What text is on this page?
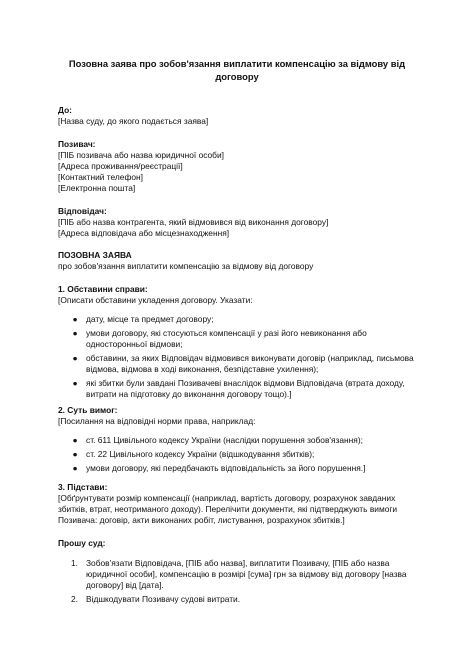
Позовна заява про зобов'язання виплатити компенсацію за відмову від договору
До:
[Назва суду, до якого подається заява]
Позивач:
[ПІБ позивача або назва юридичної особи]
[Адреса проживання/реєстрації]
[Контактний телефон]
[Електронна пошта]
Відповідач:
[ПІБ або назва контрагента, який відмовився від виконання договору]
[Адреса відповідача або місцезнаходження]
ПОЗОВНА ЗАЯВА
про зобов'язання виплатити компенсацію за відмову від договору
1. Обставини справи:
[Описати обставини укладення договору. Указати:
● дату, місце та предмет договору;
● умови договору, які стосуються компенсації у разі його невиконання або односторонньої відмови;
● обставини, за яких Відповідач відмовився виконувати договір (наприклад, письмова відмова, відмова в ході виконання, безпідставне ухилення);
● які збитки були завдані Позивачеві внаслідок відмови Відповідача (втрата доходу, витрати на підготовку до виконання договору тощо).]
2. Суть вимог:
[Посилання на відповідні норми права, наприклад:
● ст. 611 Цивільного кодексу України (наслідки порушення зобов'язання);
● ст. 22 Цивільного кодексу України (відшкодування збитків);
● умови договору, які передбачають відповідальність за його порушення.]
3. Підстави:
[Обґрунтувати розмір компенсації (наприклад, вартість договору, розрахунок завданих збитків, втрат, неотриманого доходу). Перелічити документи, які підтверджують вимоги Позивача: договір, акти виконаних робіт, листування, розрахунок збитків.]
Прошу суд:
1. Зобов'язати Відповідача, [ПІБ або назва], виплатити Позивачу, [ПІБ або назва юридичної особи], компенсацію в розмірі [сума] грн за відмову від договору [назва договору] від [дата].
2. Відшкодувати Позивачу судові витрати.
